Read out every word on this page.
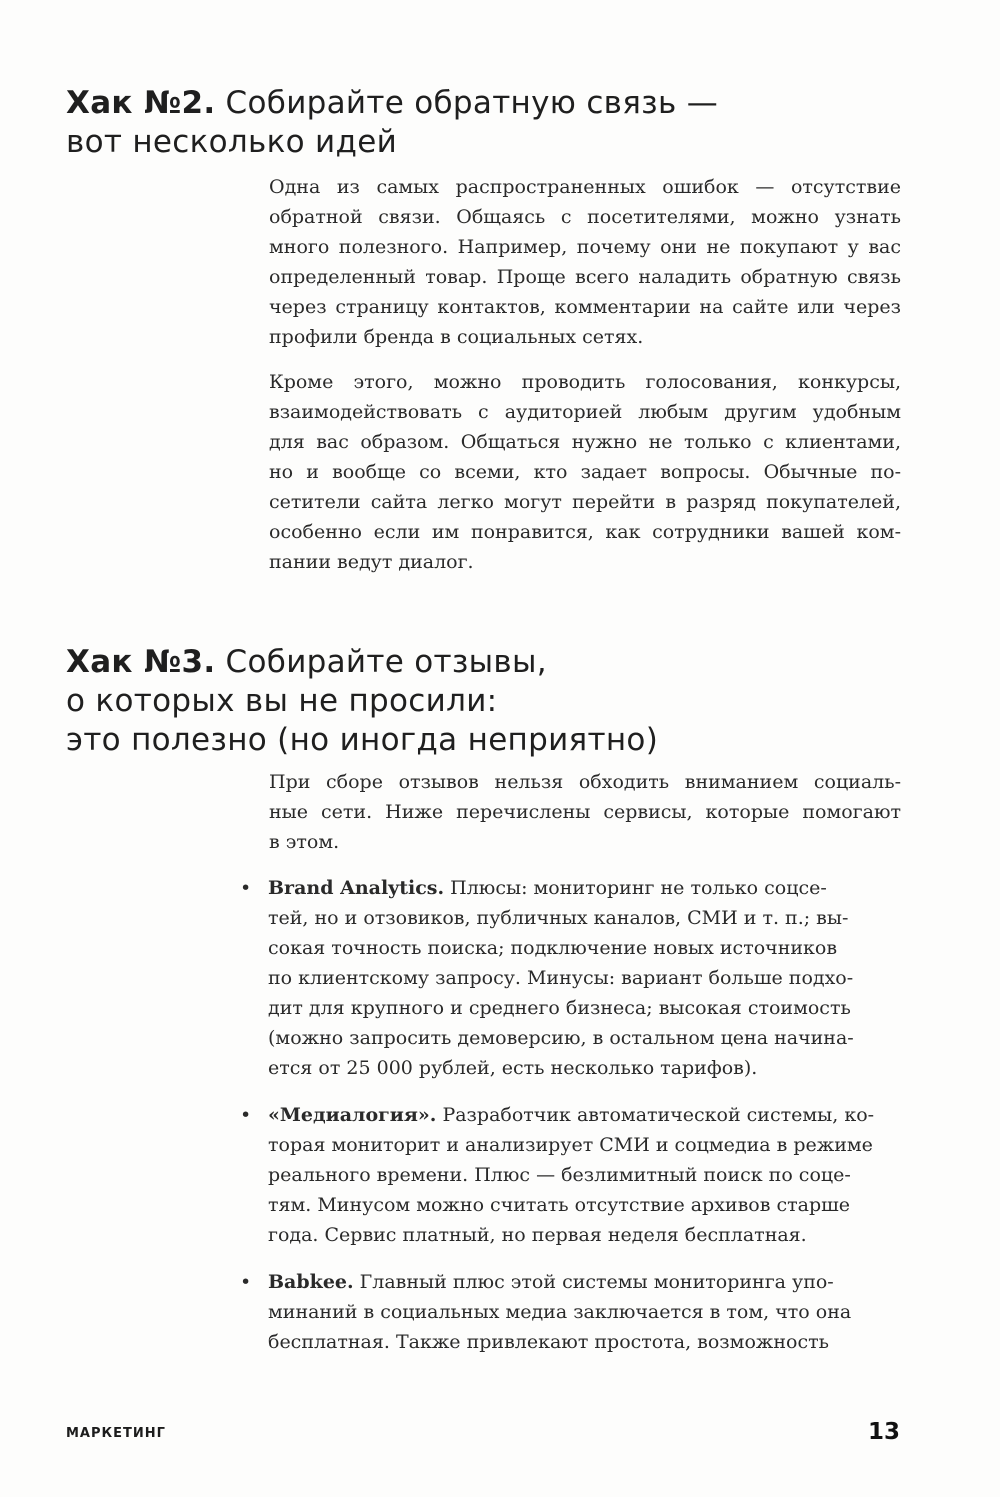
Хак №2. Собирайте обратную связь —
вот несколько идей
Одна из самых распространенных ошибок — отсутствие
обратной связи. Общаясь с посетителями, можно узнать
много полезного. Например, почему они не покупают у вас
определенный товар. Проще всего наладить обратную связь
через страницу контактов, комментарии на сайте или через
профили бренда в социальных сетях.
Кроме этого, можно проводить голосования, конкурсы,
взаимодействовать с аудиторией любым другим удобным
для вас образом. Общаться нужно не только с клиентами,
но и вообще со всеми, кто задает вопросы. Обычные по-
сетители сайта легко могут перейти в разряд покупателей,
особенно если им понравится, как сотрудники вашей ком-
пании ведут диалог.
Хак №3. Собирайте отзывы,
о которых вы не просили:
это полезно (но иногда неприятно)
При сборе отзывов нельзя обходить вниманием социаль-
ные сети. Ниже перечислены сервисы, которые помогают
в этом.
• Brand Analytics. Плюсы: мониторинг не только соцсе-
тей, но и отзовиков, публичных каналов, СМИ и т. п.; вы-
сокая точность поиска; подключение новых источников
по клиентскому запросу. Минусы: вариант больше подхо-
дит для крупного и среднего бизнеса; высокая стоимость
(можно запросить демоверсию, в остальном цена начина-
ется от 25 000 рублей, есть несколько тарифов).
• «Медиалогия». Разработчик автоматической системы, ко-
торая мониторит и анализирует СМИ и соцмедиа в режиме
реального времени. Плюс — безлимитный поиск по соце-
тям. Минусом можно считать отсутствие архивов старше
года. Сервис платный, но первая неделя бесплатная.
• Babkee. Главный плюс этой системы мониторинга упо-
минаний в социальных медиа заключается в том, что она
бесплатная. Также привлекают простота, возможность
МАРКЕТИНГ	13
